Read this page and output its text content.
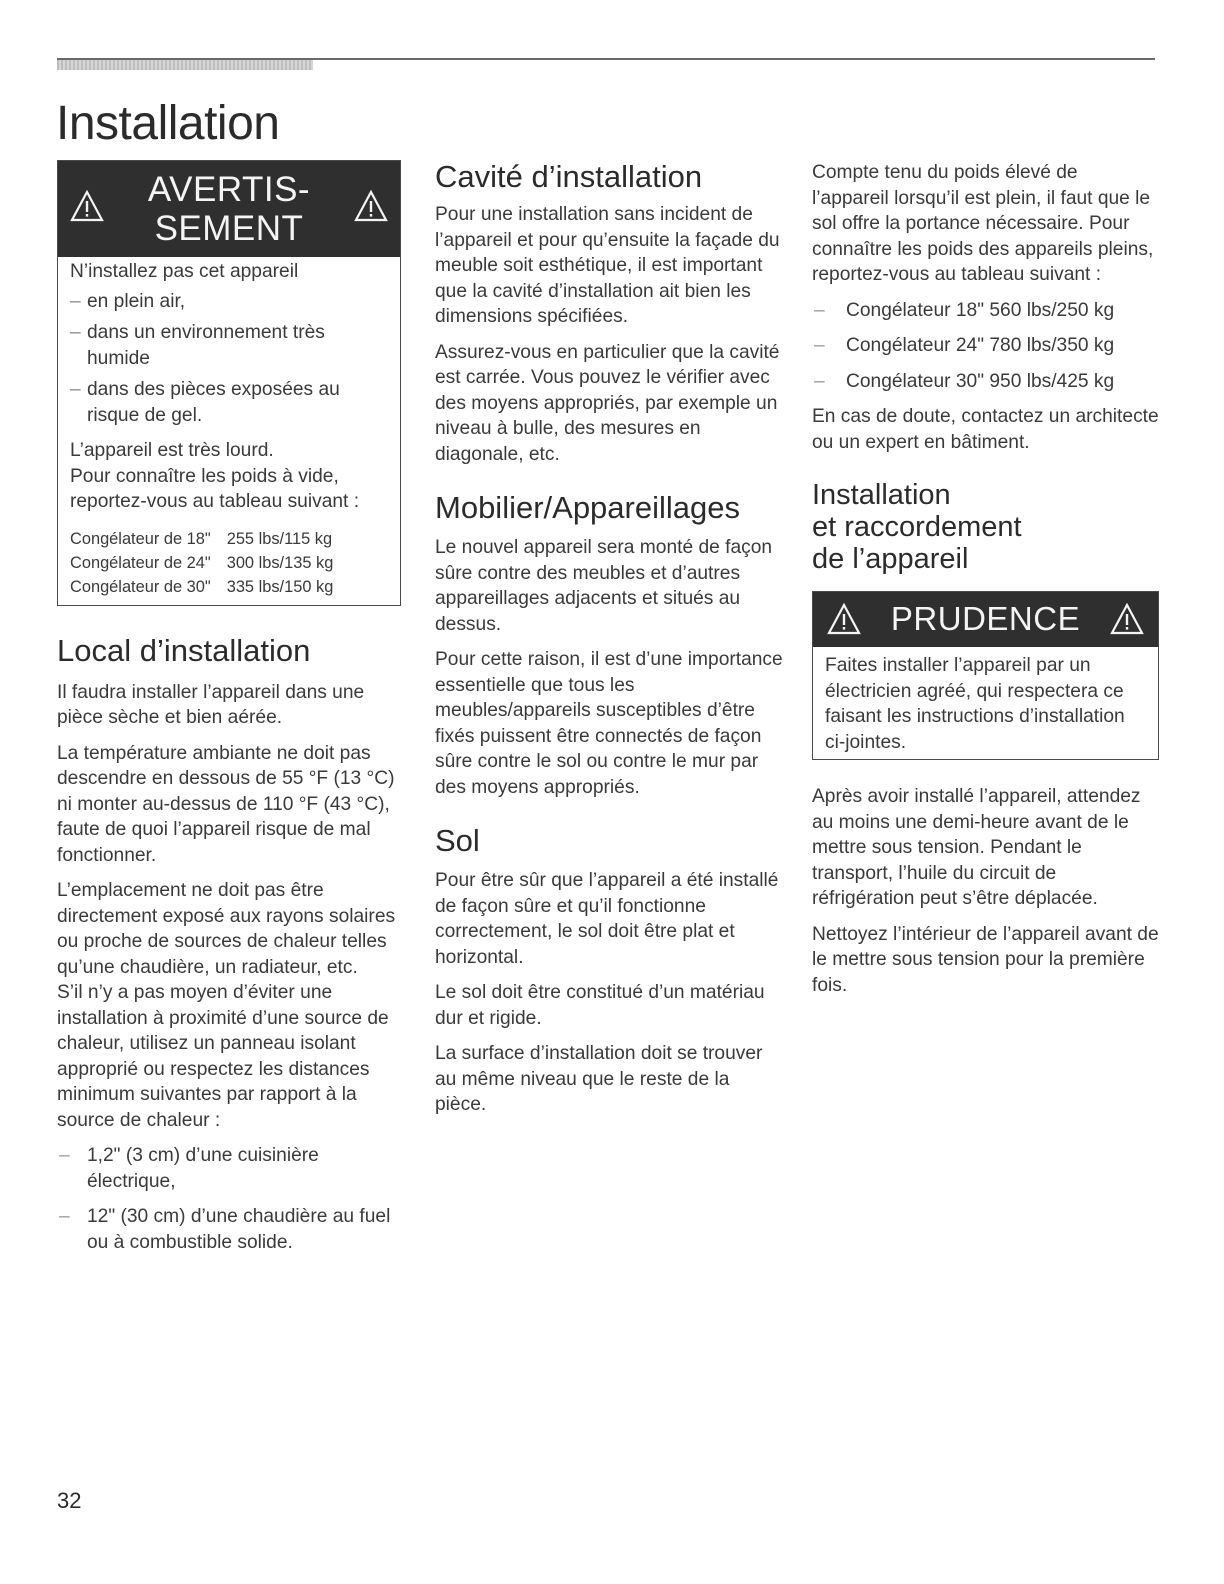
Installation
AVERTIS-
SEMENT

N’installez pas cet appareil

– en plein air,
– dans un environnement très humide
– dans des pièces exposées au risque de gel.

L’appareil est très lourd.
Pour connaître les poids à vide, reportez-vous au tableau suivant :

Congélateur de 18"	255 lbs/115 kg
Congélateur de 24"	300 lbs/135 kg
Congélateur de 30"	335 lbs/150 kg
Local d’installation

Il faudra installer l’appareil dans une pièce sèche et bien aérée.

La température ambiante ne doit pas descendre en dessous de 55 °F (13 °C) ni monter au-dessus de 110 °F (43 °C), faute de quoi l’appareil risque de mal fonctionner.

L’emplacement ne doit pas être directement exposé aux rayons solaires ou proche de sources de chaleur telles qu’une chaudière, un radiateur, etc.
S’il n’y a pas moyen d’éviter une installation à proximité d’une source de chaleur, utilisez un panneau isolant approprié ou respectez les distances minimum suivantes par rapport à la source de chaleur :

– 1,2" (3 cm) d’une cuisinière électrique,
– 12" (30 cm) d’une chaudière au fuel ou à combustible solide.
Cavité d’installation

Pour une installation sans incident de l’appareil et pour qu’ensuite la façade du meuble soit esthétique, il est important que la cavité d’installation ait bien les dimensions spécifiées.

Assurez-vous en particulier que la cavité est carrée. Vous pouvez le vérifier avec des moyens appropriés, par exemple un niveau à bulle, des mesures en diagonale, etc.

Mobilier/Appareillages

Le nouvel appareil sera monté de façon sûre contre des meubles et d’autres appareillages adjacents et situés au dessus.

Pour cette raison, il est d’une importance essentielle que tous les meubles/appareils susceptibles d’être fixés puissent être connectés de façon sûre contre le sol ou contre le mur par des moyens appropriés.

Sol

Pour être sûr que l’appareil a été installé de façon sûre et qu’il fonctionne correctement, le sol doit être plat et horizontal.

Le sol doit être constitué d’un matériau dur et rigide.

La surface d’installation doit se trouver au même niveau que le reste de la pièce.

Compte tenu du poids élevé de l’appareil lorsqu’il est plein, il faut que le sol offre la portance nécessaire. Pour connaître les poids des appareils pleins, reportez-vous au tableau suivant :

– Congélateur 18" 560 lbs/250 kg
– Congélateur 24" 780 lbs/350 kg
– Congélateur 30" 950 lbs/425 kg

En cas de doute, contactez un architecte ou un expert en bâtiment.

Installation
et raccordement
de l’appareil
PRUDENCE

Faites installer l’appareil par un électricien agréé, qui respectera ce faisant les instructions d’installation ci-jointes.

Après avoir installé l’appareil, attendez au moins une demi-heure avant de le mettre sous tension. Pendant le transport, l’huile du circuit de réfrigération peut s’être déplacée.

Nettoyez l’intérieur de l’appareil avant de le mettre sous tension pour la première fois.

32
